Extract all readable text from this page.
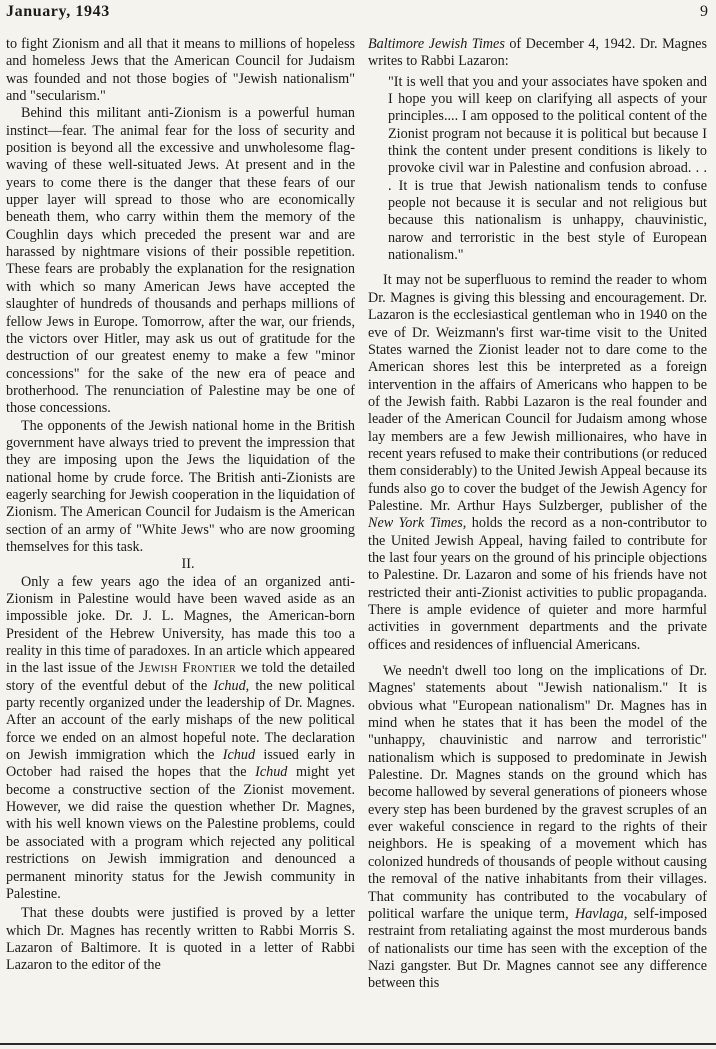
January, 1943	9

to fight Zionism and all that it means to millions of hopeless and homeless Jews that the American Council for Judaism was founded and not those bogies of "Jewish nationalism" and "secularism."

Behind this militant anti-Zionism is a powerful human instinct—fear. The animal fear for the loss of security and position is beyond all the excessive and unwholesome flag-waving of these well-situated Jews. At present and in the years to come there is the danger that these fears of our upper layer will spread to those who are economically beneath them, who carry within them the memory of the Coughlin days which preceded the present war and are harassed by nightmare visions of their possible repetition. These fears are probably the explanation for the resignation with which so many American Jews have accepted the slaughter of hundreds of thousands and perhaps millions of fellow Jews in Europe. Tomorrow, after the war, our friends, the victors over Hitler, may ask us out of gratitude for the destruction of our greatest enemy to make a few "minor concessions" for the sake of the new era of peace and brotherhood. The renunciation of Palestine may be one of those concessions.

The opponents of the Jewish national home in the British government have always tried to prevent the impression that they are imposing upon the Jews the liquidation of the national home by crude force. The British anti-Zionists are eagerly searching for Jewish cooperation in the liquidation of Zionism. The American Council for Judaism is the American section of an army of "White Jews" who are now grooming themselves for this task.

II.

Only a few years ago the idea of an organized anti-Zionism in Palestine would have been waved aside as an impossible joke. Dr. J. L. Magnes, the American-born President of the Hebrew University, has made this too a reality in this time of paradoxes. In an article which appeared in the last issue of the Jewish Frontier we told the detailed story of the eventful debut of the Ichud, the new political party recently organized under the leadership of Dr. Magnes. After an account of the early mishaps of the new political force we ended on an almost hopeful note. The declaration on Jewish immigration which the Ichud issued early in October had raised the hopes that the Ichud might yet become a constructive section of the Zionist movement. However, we did raise the question whether Dr. Magnes, with his well known views on the Palestine problems, could be associated with a program which rejected any political restrictions on Jewish immigration and denounced a permanent minority status for the Jewish community in Palestine.

That these doubts were justified is proved by a letter which Dr. Magnes has recently written to Rabbi Morris S. Lazaron of Baltimore. It is quoted in a letter of Rabbi Lazaron to the editor of the

Baltimore Jewish Times of December 4, 1942. Dr. Magnes writes to Rabbi Lazaron:

"It is well that you and your associates have spoken and I hope you will keep on clarifying all aspects of your principles.... I am opposed to the political content of the Zionist program not because it is political but because I think the content under present conditions is likely to provoke civil war in Palestine and confusion abroad. . . . It is true that Jewish nationalism tends to confuse people not because it is secular and not religious but because this nationalism is unhappy, chauvinistic, narow and terroristic in the best style of European nationalism."

It may not be superfluous to remind the reader to whom Dr. Magnes is giving this blessing and encouragement. Dr. Lazaron is the ecclesiastical gentleman who in 1940 on the eve of Dr. Weizmann's first war-time visit to the United States warned the Zionist leader not to dare come to the American shores lest this be interpreted as a foreign intervention in the affairs of Americans who happen to be of the Jewish faith. Rabbi Lazaron is the real founder and leader of the American Council for Judaism among whose lay members are a few Jewish millionaires, who have in recent years refused to make their contributions (or reduced them considerably) to the United Jewish Appeal because its funds also go to cover the budget of the Jewish Agency for Palestine. Mr. Arthur Hays Sulzberger, publisher of the New York Times, holds the record as a non-contributor to the United Jewish Appeal, having failed to contribute for the last four years on the ground of his principle objections to Palestine. Dr. Lazaron and some of his friends have not restricted their anti-Zionist activities to public propaganda. There is ample evidence of quieter and more harmful activities in government departments and the private offices and residences of influencial Americans.

We needn't dwell too long on the implications of Dr. Magnes' statements about "Jewish nationalism." It is obvious what "European nationalism" Dr. Magnes has in mind when he states that it has been the model of the "unhappy, chauvinistic and narrow and terroristic" nationalism which is supposed to predominate in Jewish Palestine. Dr. Magnes stands on the ground which has become hallowed by several generations of pioneers whose every step has been burdened by the gravest scruples of an ever wakeful conscience in regard to the rights of their neighbors. He is speaking of a movement which has colonized hundreds of thousands of people without causing the removal of the native inhabitants from their villages. That community has contributed to the vocabulary of political warfare the unique term, Havlaga, self-imposed restraint from retaliating against the most murderous bands of nationalists our time has seen with the exception of the Nazi gangster. But Dr. Magnes cannot see any difference between this
